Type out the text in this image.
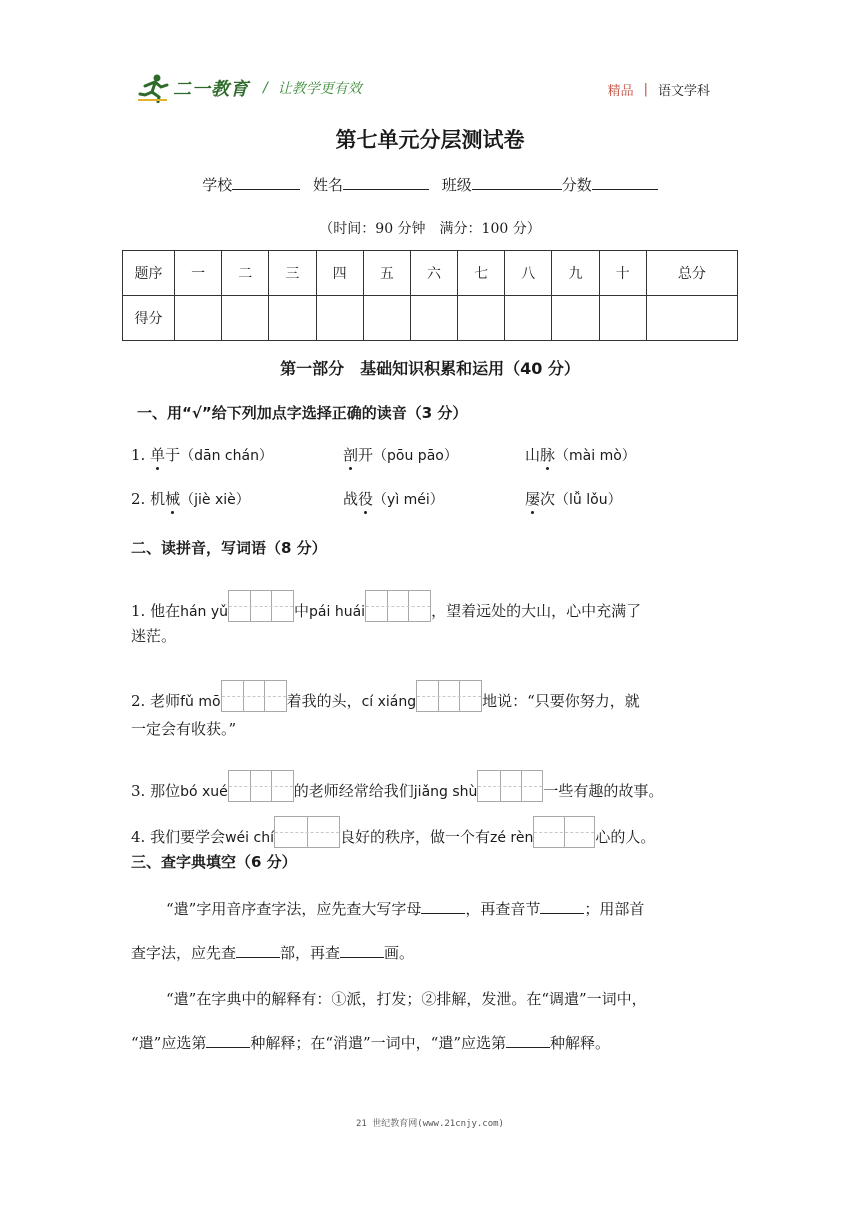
二一教育 / 让教学更有效	精品 | 语文学科
第七单元分层测试卷
学校	姓名	班级	分数
（时间：90 分钟　满分：100 分）
题序	一	二	三	四	五	六	七	八	九	十	总分
得分											
第一部分　基础知识积累和运用（40 分）
一、用“√”给下列加点字选择正确的读音（3 分）
1. 单于（dān chán）	剖开（pōu pāo）	山脉（mài mò）
2. 机械（jiè xiè）	战役（yì méi）	屡次（lǚ lǒu）
二、读拼音，写词语（8 分）
1. 他在hán yǔ	中pái huái	，望着远处的大山，心中充满了
迷茫。
2. 老师fǔ mō	着我的头，cí xiáng	地说：“只要你努力，就
一定会有收获。”
3. 那位bó xué	的老师经常给我们jiǎng shù	一些有趣的故事。
4. 我们要学会wéi chí	良好的秩序，做一个有zé rèn	心的人。
三、查字典填空（6 分）
“遣”字用音序查字法，应先查大写字母	，再查音节	；用部首
查字法，应先查	部，再查	画。
“遣”在字典中的解释有：①派，打发；②排解，发泄。在“调遣”一词中，
“遣”应选第	种解释；在“消遣”一词中，“遣”应选第	种解释。
21 世纪教育网(www.21cnjy.com)
